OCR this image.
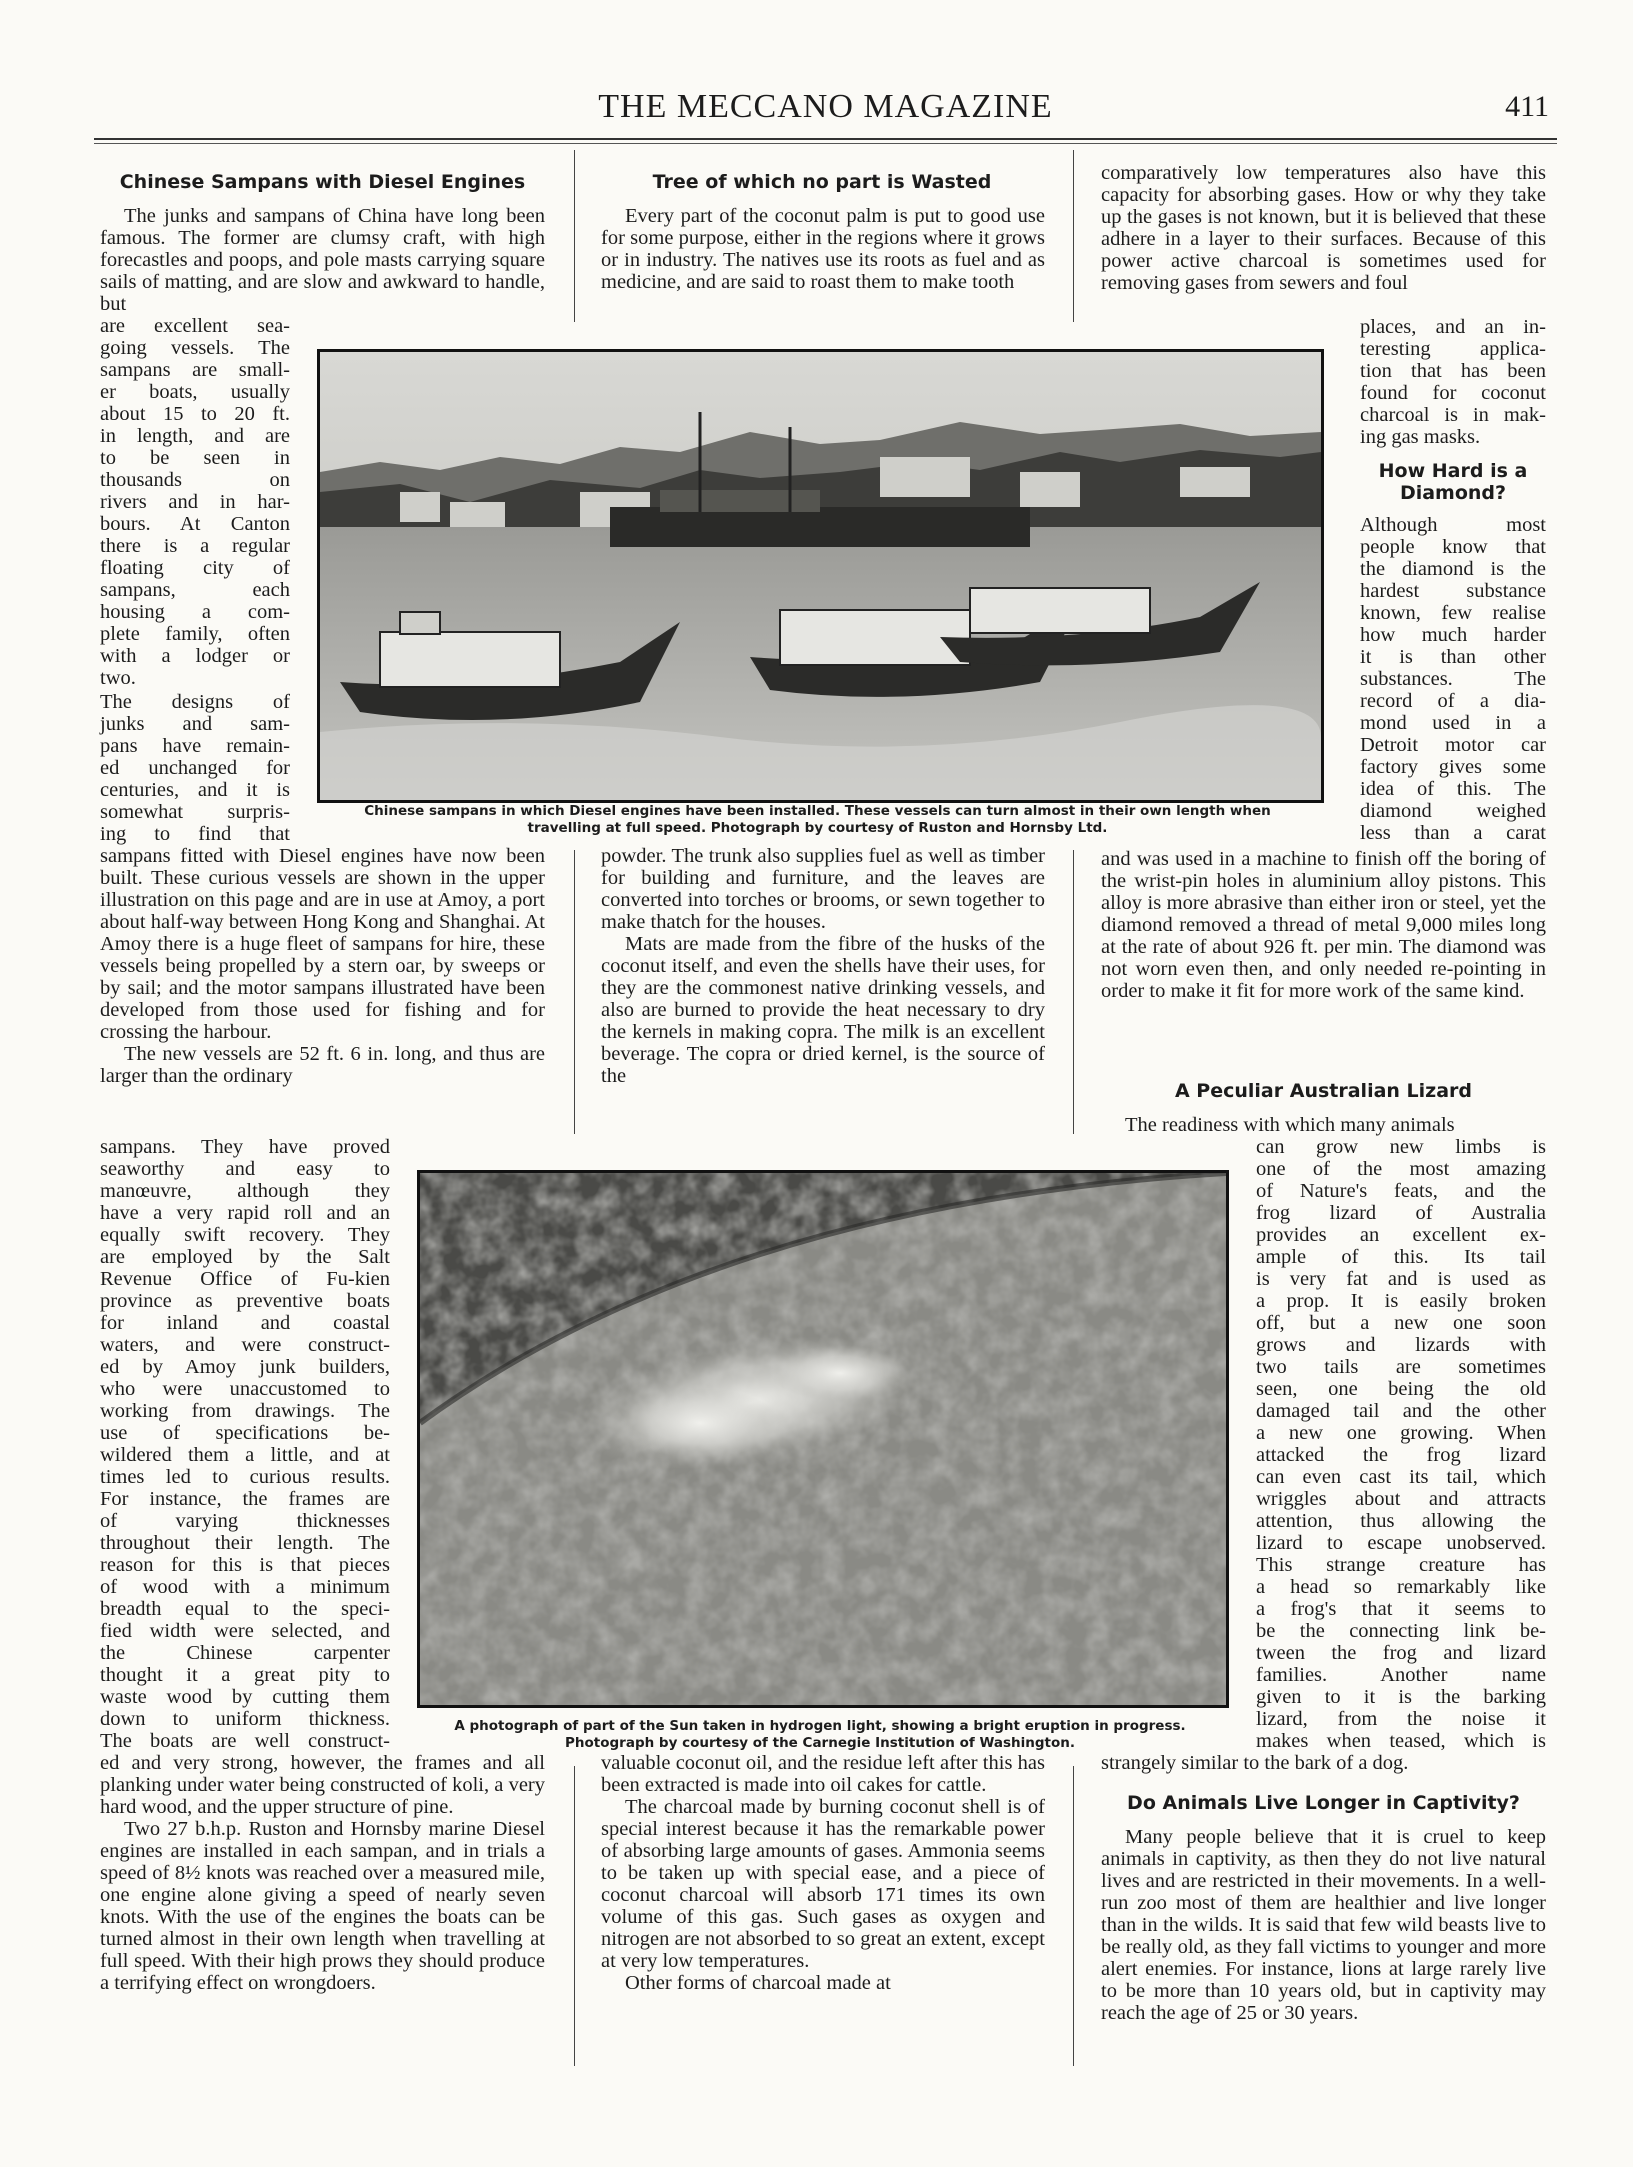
THE MECCANO MAGAZINE	411
Chinese Sampans with Diesel Engines

The junks and sampans of China have long been famous. The former are clumsy craft, with high forecastles and poops, and pole masts carrying square sails of matting, and are slow and awkward to handle, but

are excellent sea-
going vessels. The
sampans are small-
er boats, usually
about 15 to 20 ft.
in length, and are
to be seen in
thousands on
rivers and in har-
bours. At Canton
there is a regular
floating city of
sampans, each
housing a com-
plete family, often
with a lodger or
two.
The designs of
junks and sam-
pans have remain-
ed unchanged for
centuries, and it is
somewhat surpris-
ing to find that

sampans fitted with Diesel engines have now been built. These curious vessels are shown in the upper illustration on this page and are in use at Amoy, a port about half-way between Hong Kong and Shanghai. At Amoy there is a huge fleet of sampans for hire, these vessels being propelled by a stern oar, by sweeps or by sail; and the motor sampans illustrated have been developed from those used for fishing and for crossing the harbour.

The new vessels are 52 ft. 6 in. long, and thus are larger than the ordinary

sampans. They have proved
seaworthy and easy to
manœuvre, although they
have a very rapid roll and an
equally swift recovery. They
are employed by the Salt
Revenue Office of Fu-kien
province as preventive boats
for inland and coastal
waters, and were construct-
ed by Amoy junk builders,
who were unaccustomed to
working from drawings. The
use of specifications be-
wildered them a little, and at
times led to curious results.
For instance, the frames are
of varying thicknesses
throughout their length. The
reason for this is that pieces
of wood with a minimum
breadth equal to the speci-
fied width were selected, and
the Chinese carpenter
thought it a great pity to
waste wood by cutting them
down to uniform thickness.
The boats are well construct-

ed and very strong, however, the frames and all planking under water being constructed of koli, a very hard wood, and the upper structure of pine.

Two 27 b.h.p. Ruston and Hornsby marine Diesel engines are installed in each sampan, and in trials a speed of 8½ knots was reached over a measured mile, one engine alone giving a speed of nearly seven knots. With the use of the engines the boats can be turned almost in their own length when travelling at full speed. With their high prows they should produce a terrifying effect on wrongdoers.

Tree of which no part is Wasted

Every part of the coconut palm is put to good use for some purpose, either in the regions where it grows or in industry. The natives use its roots as fuel and as medicine, and are said to roast them to make tooth

powder. The trunk also supplies fuel as well as timber for building and furniture, and the leaves are converted into torches or brooms, or sewn together to make thatch for the houses.

Mats are made from the fibre of the husks of the coconut itself, and even the shells have their uses, for they are the commonest native drinking vessels, and also are burned to provide the heat necessary to dry the kernels in making copra. The milk is an excellent beverage. The copra or dried kernel, is the source of the

valuable coconut oil, and the residue left after this has been extracted is made into oil cakes for cattle.

The charcoal made by burning coconut shell is of special interest because it has the remarkable power of absorbing large amounts of gases. Ammonia seems to be taken up with special ease, and a piece of coconut charcoal will absorb 171 times its own volume of this gas. Such gases as oxygen and nitrogen are not absorbed to so great an extent, except at very low temperatures.

Other forms of charcoal made at

comparatively low temperatures also have this capacity for absorbing gases. How or why they take up the gases is not known, but it is believed that these adhere in a layer to their surfaces. Because of this power active charcoal is sometimes used for removing gases from sewers and foul

places, and an in-
teresting applica-
tion that has been
found for coconut
charcoal is in mak-
ing gas masks.
How Hard is a Diamond?
Although most
people know that
the diamond is the
hardest substance
known, few realise
how much harder
it is than other
substances. The
record of a dia-
mond used in a
Detroit motor car
factory gives some
idea of this. The
diamond weighed
less than a carat

and was used in a machine to finish off the boring of the wrist-pin holes in aluminium alloy pistons. This alloy is more abrasive than either iron or steel, yet the diamond removed a thread of metal 9,000 miles long at the rate of about 926 ft. per min. The diamond was not worn even then, and only needed re-pointing in order to make it fit for more work of the same kind.

A Peculiar Australian Lizard

The readiness with which many animals

can grow new limbs is
one of the most amazing
of Nature's feats, and the
frog lizard of Australia
provides an excellent ex-
ample of this. Its tail
is very fat and is used as
a prop. It is easily broken
off, but a new one soon
grows and lizards with
two tails are sometimes
seen, one being the old
damaged tail and the other
a new one growing. When
attacked the frog lizard
can even cast its tail, which
wriggles about and attracts
attention, thus allowing the
lizard to escape unobserved.
This strange creature has
a head so remarkably like
a frog's that it seems to
be the connecting link be-
tween the frog and lizard
families. Another name
given to it is the barking
lizard, from the noise it
makes when teased, which is

strangely similar to the bark of a dog.

Do Animals Live Longer in Captivity?

Many people believe that it is cruel to keep animals in captivity, as then they do not live natural lives and are restricted in their movements. In a well-run zoo most of them are healthier and live longer than in the wilds. It is said that few wild beasts live to be really old, as they fall victims to younger and more alert enemies. For instance, lions at large rarely live to be more than 10 years old, but in captivity may reach the age of 25 or 30 years.

Chinese sampans in which Diesel engines have been installed. These vessels can turn almost in their own length when
travelling at full speed. Photograph by courtesy of Ruston and Hornsby Ltd.
A photograph of part of the Sun taken in hydrogen light, showing a bright eruption in progress.
Photograph by courtesy of the Carnegie Institution of Washington.
